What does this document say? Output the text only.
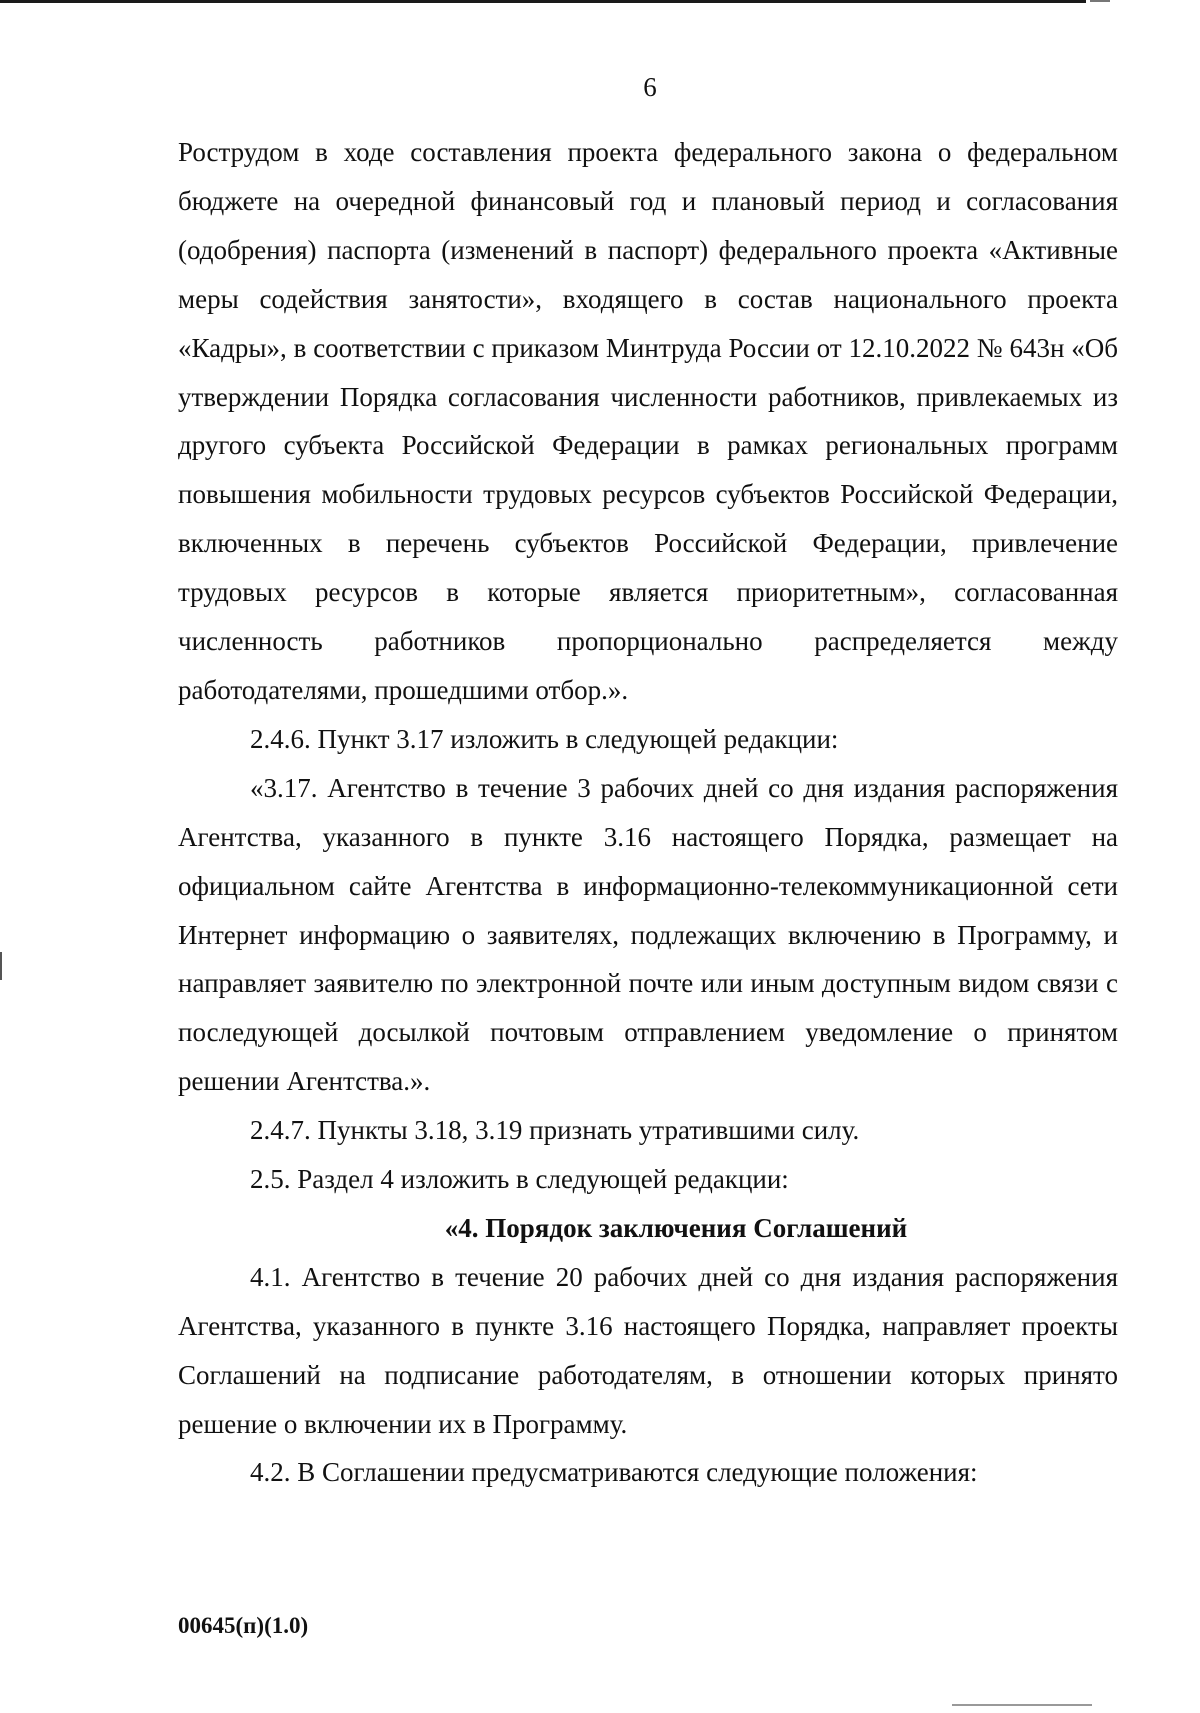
6

Рострудом в ходе составления проекта федерального закона о федеральном бюджете на очередной финансовый год и плановый период и согласования (одобрения) паспорта (изменений в паспорт) федерального проекта «Активные меры содействия занятости», входящего в состав национального проекта «Кадры», в соответствии с приказом Минтруда России от 12.10.2022 № 643н «Об утверждении Порядка согласования численности работников, привлекаемых из другого субъекта Российской Федерации в рамках региональных программ повышения мобильности трудовых ресурсов субъектов Российской Федерации, включенных в перечень субъектов Российской Федерации, привлечение трудовых ресурсов в которые является приоритетным», согласованная численность работников пропорционально распределяется между работодателями, прошедшими отбор.».

2.4.6. Пункт 3.17 изложить в следующей редакции:

«3.17. Агентство в течение 3 рабочих дней со дня издания распоряжения Агентства, указанного в пункте 3.16 настоящего Порядка, размещает на официальном сайте Агентства в информационно-телекоммуникационной сети Интернет информацию о заявителях, подлежащих включению в Программу, и направляет заявителю по электронной почте или иным доступным видом связи с последующей досылкой почтовым отправлением уведомление о принятом решении Агентства.».

2.4.7. Пункты 3.18, 3.19 признать утратившими силу.

2.5. Раздел 4 изложить в следующей редакции:

«4. Порядок заключения Соглашений

4.1. Агентство в течение 20 рабочих дней со дня издания распоряжения Агентства, указанного в пункте 3.16 настоящего Порядка, направляет проекты Соглашений на подписание работодателям, в отношении которых принято решение о включении их в Программу.

4.2. В Соглашении предусматриваются следующие положения:

00645(п)(1.0)
